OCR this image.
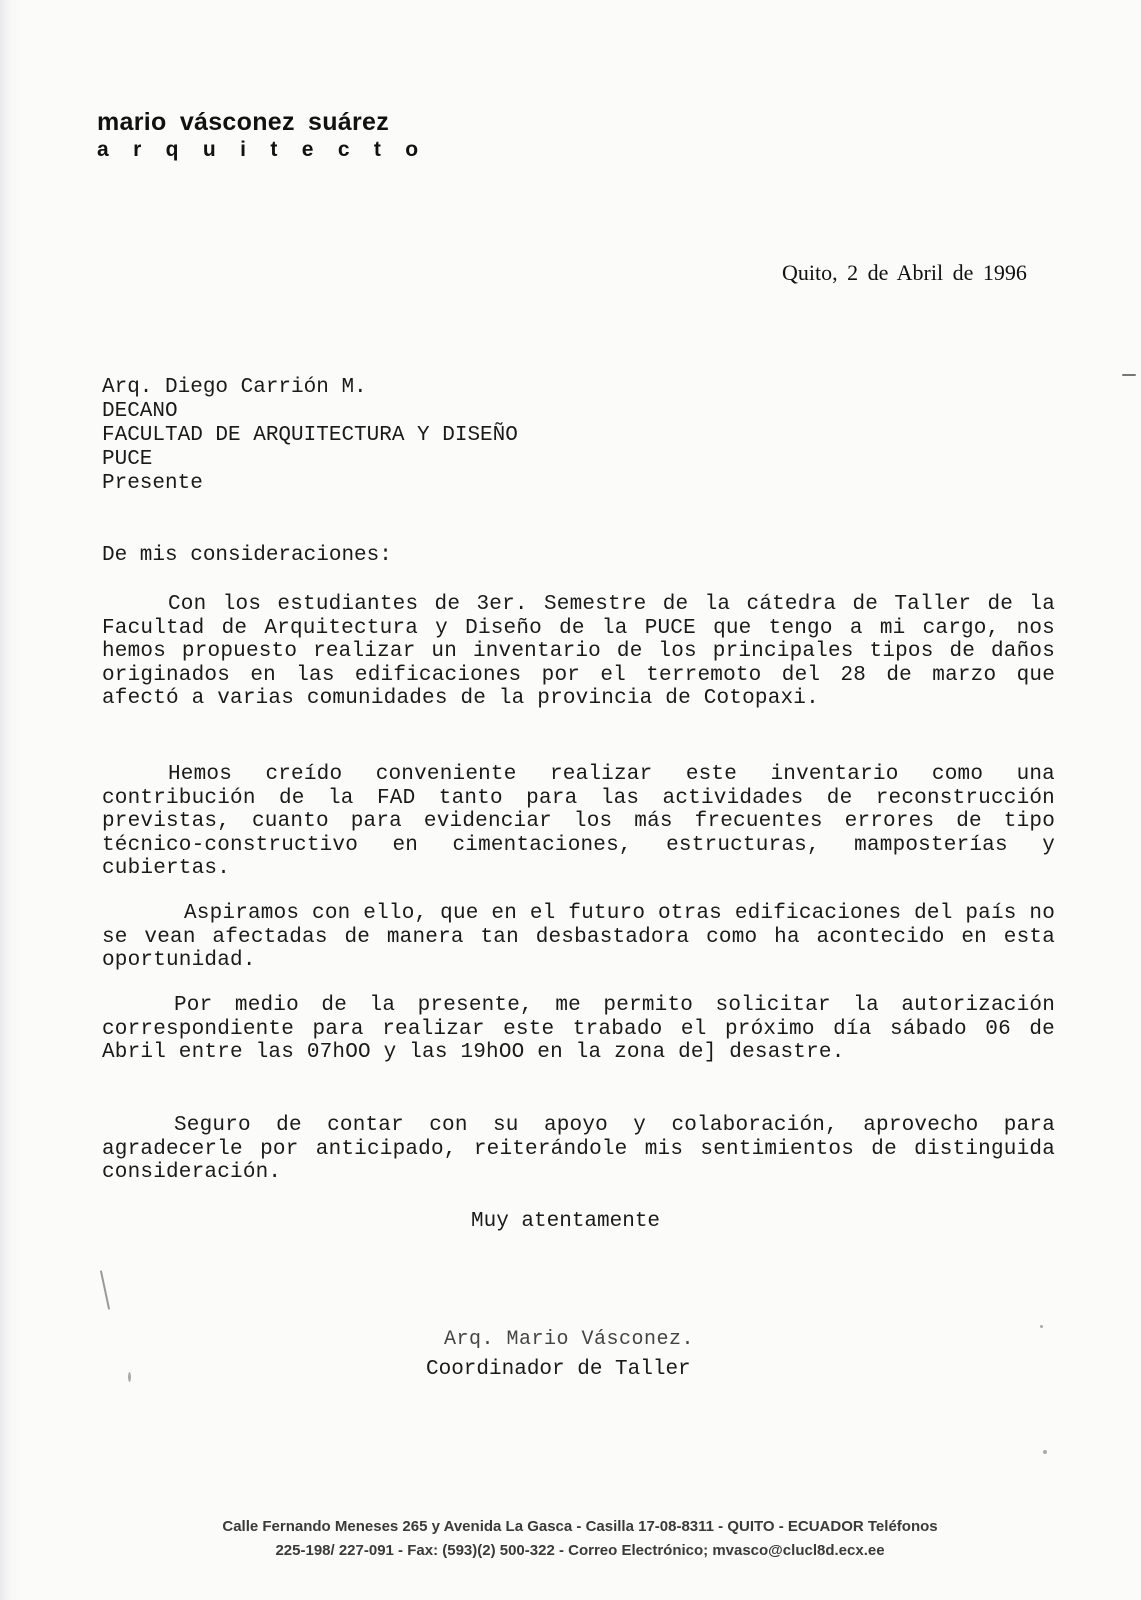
mario vásconez suárez
arquitecto
Quito, 2 de Abril de 1996
Arq. Diego Carrión M.
DECANO
FACULTAD DE ARQUITECTURA Y DISEÑO
PUCE
Presente
De mis consideraciones:
Con los estudiantes de 3er. Semestre de la cátedra de Taller de la Facultad de Arquitectura y Diseño de la PUCE que tengo a mi cargo, nos hemos propuesto realizar un inventario de los principales tipos de daños originados en las edificaciones por el terremoto del 28 de marzo que afectó a varias comunidades de la provincia de Cotopaxi.
Hemos creído conveniente realizar este inventario como una contribución de la FAD tanto para las actividades de reconstrucción previstas, cuanto para evidenciar los más frecuentes errores de tipo técnico-constructivo en cimentaciones, estructuras, mamposterías y cubiertas.
Aspiramos con ello, que en el futuro otras edificaciones del país no se vean afectadas de manera tan desbastadora como ha acontecido en esta oportunidad.
Por medio de la presente, me permito solicitar la autorización correspondiente para realizar este trabado el próximo día sábado 06 de Abril entre las 07hOO y las 19hOO en la zona de] desastre.
Seguro de contar con su apoyo y colaboración, aprovecho para agradecerle por anticipado, reiterándole mis sentimientos de distinguida consideración.
Muy atentamente
Arq. Mario Vásconez.
Coordinador de Taller
Calle Fernando Meneses 265 y Avenida La Gasca - Casilla 17-08-8311 - QUITO - ECUADOR Teléfonos
225-198/ 227-091 - Fax: (593)(2) 500-322 - Correo Electrónico; mvasco@clucl8d.ecx.ee
